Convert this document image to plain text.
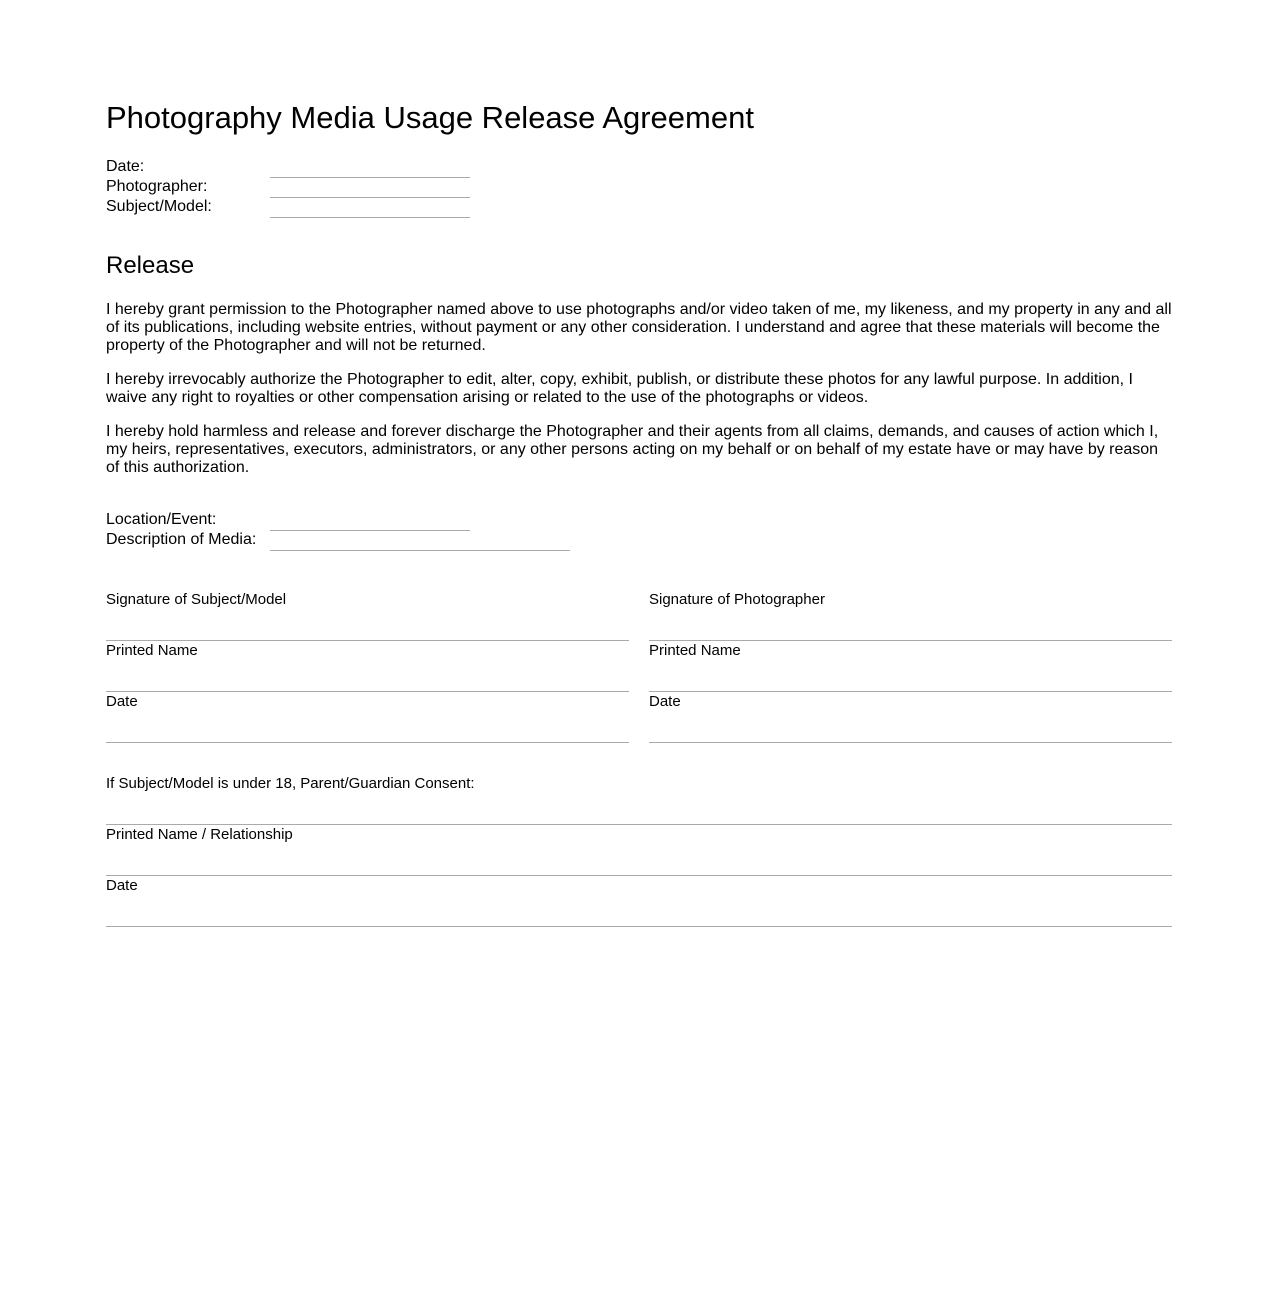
Photography Media Usage Release Agreement
Date:
Photographer:
Subject/Model:
Release

I hereby grant permission to the Photographer named above to use photographs and/or video taken of me, my likeness, and my property in any and all of its publications, including website entries, without payment or any other consideration. I understand and agree that these materials will become the property of the Photographer and will not be returned.

I hereby irrevocably authorize the Photographer to edit, alter, copy, exhibit, publish, or distribute these photos for any lawful purpose. In addition, I waive any right to royalties or other compensation arising or related to the use of the photographs or videos.

I hereby hold harmless and release and forever discharge the Photographer and their agents from all claims, demands, and causes of action which I, my heirs, representatives, executors, administrators, or any other persons acting on my behalf or on behalf of my estate have or may have by reason of this authorization.

Location/Event:
Description of Media:
Signature of Subject/Model
Printed Name
Date
Signature of Photographer
Printed Name
Date
If Subject/Model is under 18, Parent/Guardian Consent:
Printed Name / Relationship
Date
